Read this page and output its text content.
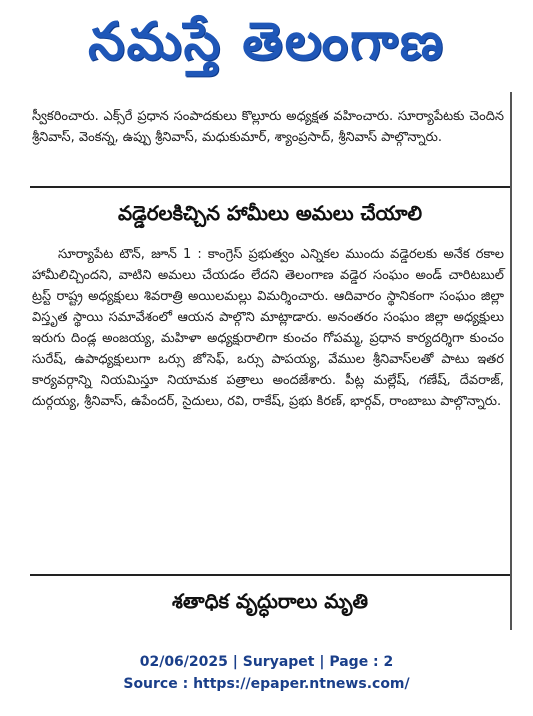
నమస్తే తెలంగాణ
స్వీకరించారు. ఎక్స్‌రే ప్రధాన సంపాదకులు కొల్లూరు అధ్యక్షత వహించారు. సూర్యాపేటకు చెందిన శ్రీనివాస్, వెంకన్న, ఉప్పు శ్రీనివాస్, మధుకుమార్, శ్యాంప్రసాద్, శ్రీనివాస్ పాల్గొన్నారు.
వడ్డెరలకిచ్చిన హామీలు అమలు చేయాలి
సూర్యాపేట టౌన్, జూన్ 1 : కాంగ్రెస్ ప్రభుత్వం ఎన్నికల ముందు వడ్డెరలకు అనేక రకాల హామీలిచ్చిందని, వాటిని అమలు చేయడం లేదని తెలంగాణ వడ్డెర సంఘం అండ్ చారిటబుల్ ట్రస్ట్ రాష్ట్ర అధ్యక్షులు శివరాత్రి అయిలమల్లు విమర్శించారు. ఆదివారం స్థానికంగా సంఘం జిల్లా విస్తృత స్థాయి సమావేశంలో ఆయన పాల్గొని మాట్లాడారు. అనంతరం సంఘం జిల్లా అధ్యక్షులు ఇరుగు దిండ్ల అంజయ్య, మహిళా అధ్యక్షురాలిగా కుంచం గోపమ్మ, ప్రధాన కార్యదర్శిగా కుంచం సురేష్, ఉపాధ్యక్షులుగా ఒర్సు జోసెఫ్, ఒర్సు పాపయ్య, వేముల శ్రీనివాస్‌లతో పాటు ఇతర కార్యవర్గాన్ని నియమిస్తూ నియామక పత్రాలు అందజేశారు. పీట్ల మల్లేష్, గణేష్, దేవరాజ్, దుర్గయ్య, శ్రీనివాస్, ఉపేందర్, సైదులు, రవి, రాకేష్, ప్రభు కిరణ్, భార్గవ్, రాంబాబు పాల్గొన్నారు.
శతాధిక వృద్ధురాలు మృతి
02/06/2025 | Suryapet | Page : 2
Source : https://epaper.ntnews.com/
